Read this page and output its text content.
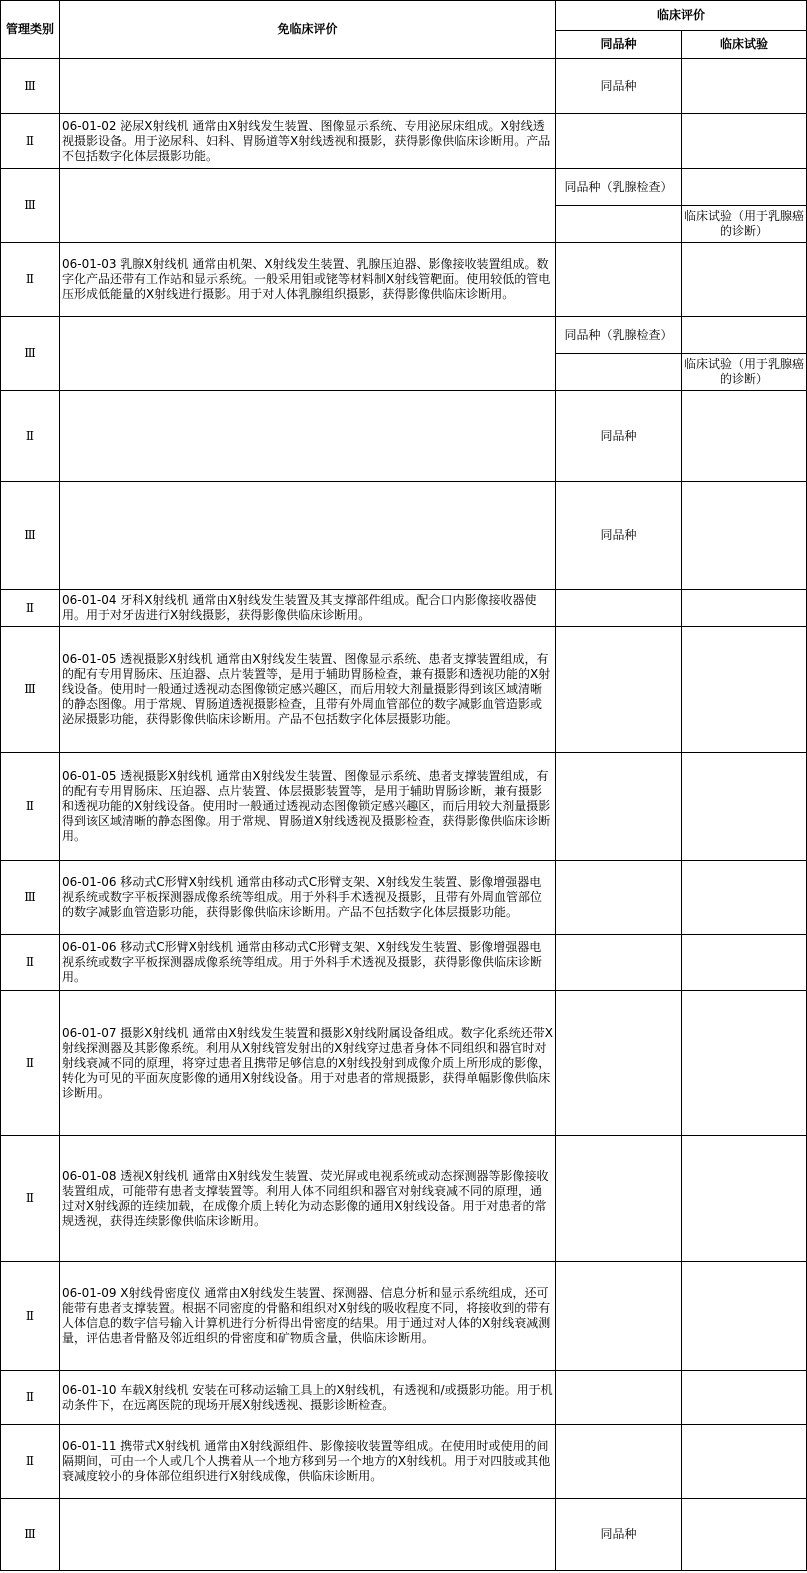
管理类别	免临床评价	临床评价	
		同品种	临床试验
Ⅲ		同品种	
Ⅱ	06-01-02 泌尿X射线机 通常由X射线发生装置、图像显示系统、专用泌尿床组成。X射线透视摄影设备。用于泌尿科、妇科、胃肠道等X射线透视和摄影，获得影像供临床诊断用。产品不包括数字化体层摄影功能。		
Ⅲ		同品种（乳腺检查）	
			临床试验（用于乳腺癌的诊断）
Ⅱ	06-01-03 乳腺X射线机 通常由机架、X射线发生装置、乳腺压迫器、影像接收装置组成。数字化产品还带有工作站和显示系统。一般采用钼或铑等材料制X射线管靶面。使用较低的管电压形成低能量的X射线进行摄影。用于对人体乳腺组织摄影，获得影像供临床诊断用。		
Ⅲ		同品种（乳腺检查）	
			临床试验（用于乳腺癌的诊断）
Ⅱ		同品种	
Ⅲ		同品种	
Ⅱ	06-01-04 牙科X射线机 通常由X射线发生装置及其支撑部件组成。配合口内影像接收器使用。用于对牙齿进行X射线摄影，获得影像供临床诊断用。		
Ⅲ	06-01-05 透视摄影X射线机 通常由X射线发生装置、图像显示系统、患者支撑装置组成，有的配有专用胃肠床、压迫器、点片装置等，是用于辅助胃肠检查，兼有摄影和透视功能的X射线设备。使用时一般通过透视动态图像锁定感兴趣区，而后用较大剂量摄影得到该区域清晰的静态图像。用于常规、胃肠道透视摄影检查，且带有外周血管部位的数字减影血管造影或泌尿摄影功能，获得影像供临床诊断用。产品不包括数字化体层摄影功能。		
Ⅱ	06-01-05 透视摄影X射线机 通常由X射线发生装置、图像显示系统、患者支撑装置组成，有的配有专用胃肠床、压迫器、点片装置、体层摄影装置等，是用于辅助胃肠诊断，兼有摄影和透视功能的X射线设备。使用时一般通过透视动态图像锁定感兴趣区，而后用较大剂量摄影得到该区域清晰的静态图像。用于常规、胃肠道X射线透视及摄影检查，获得影像供临床诊断用。		
Ⅲ	06-01-06 移动式C形臂X射线机 通常由移动式C形臂支架、X射线发生装置、影像增强器电视系统或数字平板探测器成像系统等组成。用于外科手术透视及摄影，且带有外周血管部位的数字减影血管造影功能，获得影像供临床诊断用。产品不包括数字化体层摄影功能。		
Ⅱ	06-01-06 移动式C形臂X射线机 通常由移动式C形臂支架、X射线发生装置、影像增强器电视系统或数字平板探测器成像系统等组成。用于外科手术透视及摄影，获得影像供临床诊断用。		
Ⅱ	06-01-07 摄影X射线机 通常由X射线发生装置和摄影X射线附属设备组成。数字化系统还带X射线探测器及其影像系统。利用从X射线管发射出的X射线穿过患者身体不同组织和器官时对射线衰减不同的原理，将穿过患者且携带足够信息的X射线投射到成像介质上所形成的影像，转化为可见的平面灰度影像的通用X射线设备。用于对患者的常规摄影，获得单幅影像供临床诊断用。		
Ⅱ	06-01-08 透视X射线机 通常由X射线发生装置、荧光屏或电视系统或动态探测器等影像接收装置组成，可能带有患者支撑装置等。利用人体不同组织和器官对射线衰减不同的原理，通过对X射线源的连续加载，在成像介质上转化为动态影像的通用X射线设备。用于对患者的常规透视，获得连续影像供临床诊断用。		
Ⅱ	06-01-09 X射线骨密度仪 通常由X射线发生装置、探测器、信息分析和显示系统组成，还可能带有患者支撑装置。根据不同密度的骨骼和组织对X射线的吸收程度不同，将接收到的带有人体信息的数字信号输入计算机进行分析得出骨密度的结果。用于通过对人体的X射线衰减测量，评估患者骨骼及邻近组织的骨密度和矿物质含量，供临床诊断用。		
Ⅱ	06-01-10 车载X射线机 安装在可移动运输工具上的X射线机，有透视和/或摄影功能。用于机动条件下，在远离医院的现场开展X射线透视、摄影诊断检查。		
Ⅱ	06-01-11 携带式X射线机 通常由X射线源组件、影像接收装置等组成。在使用时或使用的间隔期间，可由一个人或几个人携着从一个地方移到另一个地方的X射线机。用于对四肢或其他衰减度较小的身体部位组织进行X射线成像，供临床诊断用。		
Ⅲ		同品种	
